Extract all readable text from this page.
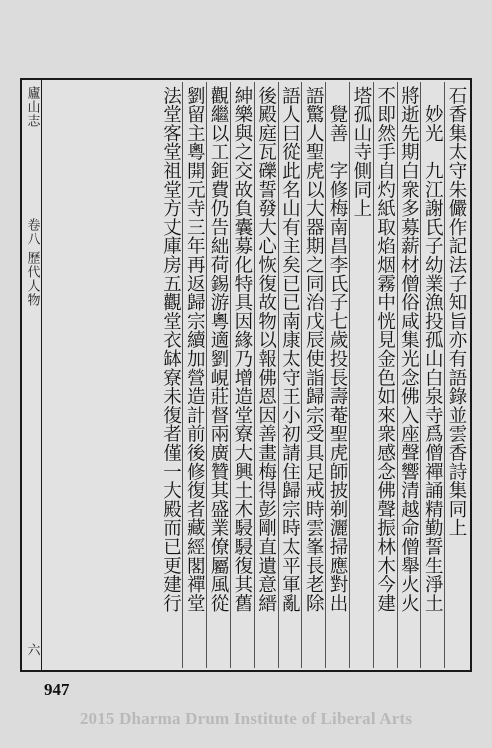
廬山志
卷八 歷代人物
六
石香集太守朱儼作記法子知旨亦有語錄並雲香詩集同上
　妙光　九江謝氏子幼業漁投孤山白泉寺爲僧禪誦精勤誓生淨土
將逝先期白衆多募薪材僧俗咸集光念佛入座聲響清越命僧舉火火
不即然手自灼紙取焰烟霧中恍見金色如來衆感念佛聲振林木今建
塔孤山寺側同上
　覺善　字修梅南昌李氏子七歲投長壽菴聖虎師披剃灑掃應對出
語驚人聖虎以大器期之同治戊辰使詣歸宗受具足戒時雲峯長老除
語人曰從此名山有主矣已已南康太守王小初請住歸宗時太平軍亂
後殿庭瓦礫誓發大心恢復故物以報佛恩因善畫梅得彭剛直遺意縉
紳樂與之交故負囊募化特具因緣乃增造堂寮大興土木駸駸復其舊
觀繼以工鉅費仍告絀荷錫游粵適劉峴莊督兩廣贊其盛業僚屬風從
劉留主粵開元寺三年再返歸宗續加營造計前後修復者藏經閣禪堂
法堂客堂祖堂方丈庫房五觀堂衣缽寮未復者僅一大殿而已更建行
947
2015 Dharma Drum Institute of Liberal Arts
